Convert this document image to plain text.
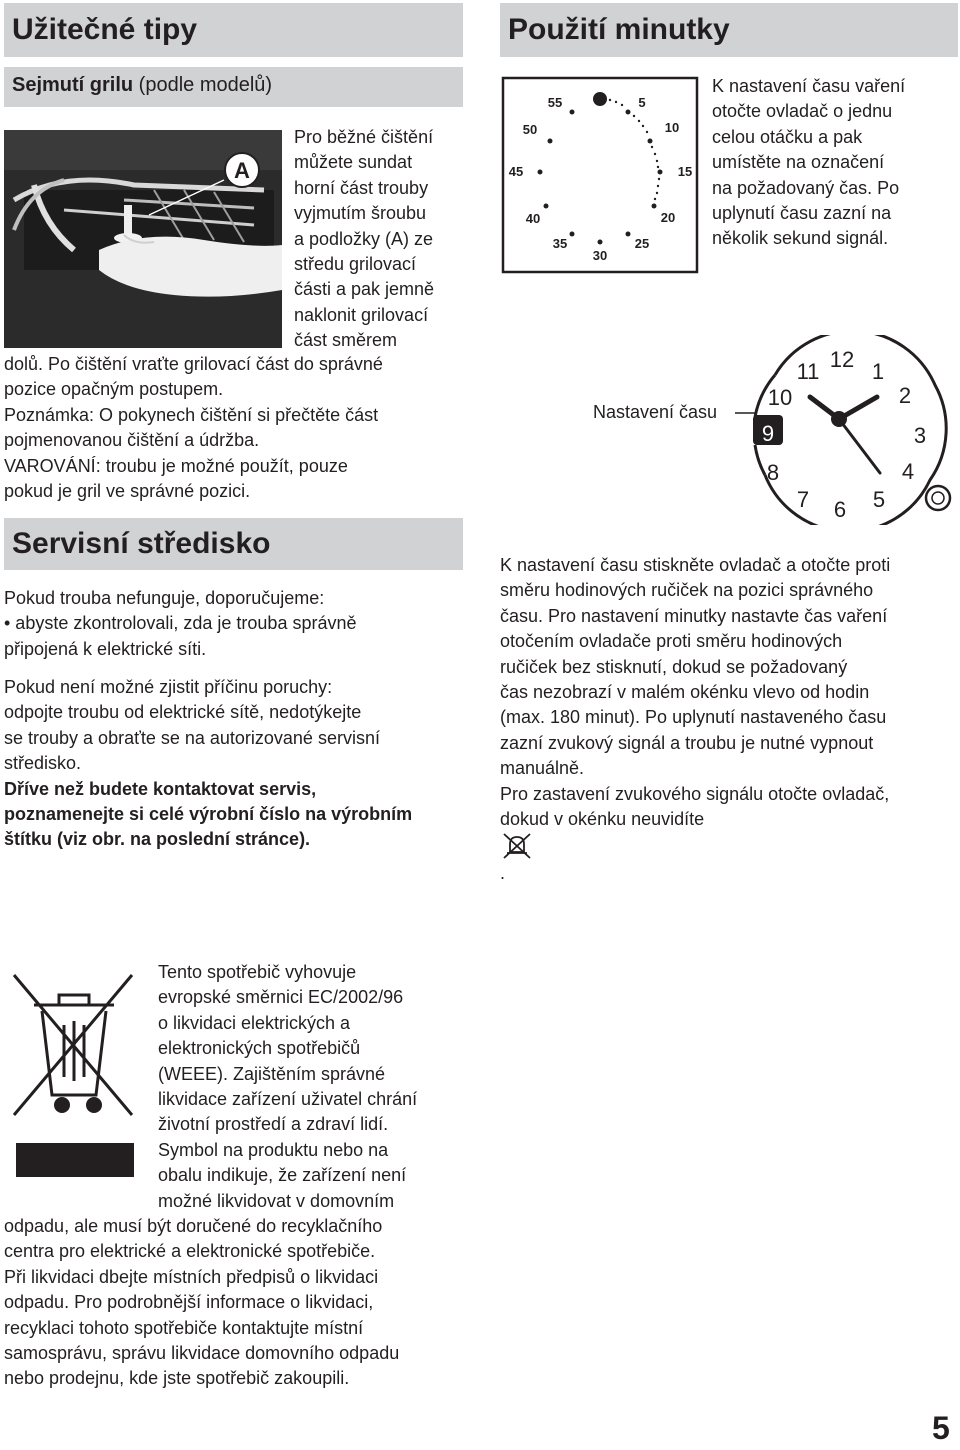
Užitečné tipy
Sejmutí grilu (podle modelů)
A
Pro běžné čištění
můžete sundat
horní část trouby
vyjmutím šroubu
a podložky (A) ze
středu grilovací
části a pak jemně
naklonit grilovací
část směrem
dolů. Po čištění vraťte grilovací část do správné
pozice opačným postupem.
Poznámka: O pokynech čištění si přečtěte část
pojmenovanou čištění a údržba.
VAROVÁNÍ: troubu je možné použít, pouze
pokud je gril ve správné pozici.
Servisní středisko
Pokud trouba nefunguje, doporučujeme:
• abyste zkontrolovali, zda je trouba správně
připojená k elektrické síti.
Pokud není možné zjistit příčinu poruchy:
odpojte troubu od elektrické sítě, nedotýkejte
se trouby a obraťte se na autorizované servisní
středisko.
Dříve než budete kontaktovat servis,
poznamenejte si celé výrobní číslo na výrobním
štítku (viz obr. na poslední stránce).
Použití minutky
55	5
50	10
45	15
40	20
35	25
30
K nastavení času vaření
otočte ovladač o jednu
celou otáčku a pak
umístěte na označení
na požadovaný čas. Po
uplynutí času zazní na
několik sekund signál.
Nastavení času
11 12 1
10	2
9	3
8	4
7 6 5
K nastavení času stiskněte ovladač a otočte proti
směru hodinových ručiček na pozici správného
času. Pro nastavení minutky nastavte čas vaření
otočením ovladače proti směru hodinových
ručiček bez stisknutí, dokud se požadovaný
čas nezobrazí v malém okénku vlevo od hodin
(max. 180 minut). Po uplynutí nastaveného času
zazní zvukový signál a troubu je nutné vypnout
manuálně.
Pro zastavení zvukového signálu otočte ovladač,
dokud v okénku neuvidíte
.
Tento spotřebič vyhovuje
evropské směrnici EC/2002/96
o likvidaci elektrických a
elektronických spotřebičů
(WEEE). Zajištěním správné
likvidace zařízení uživatel chrání
životní prostředí a zdraví lidí.
Symbol na produktu nebo na
obalu indikuje, že zařízení není
možné likvidovat v domovním
odpadu, ale musí být doručené do recyklačního
centra pro elektrické a elektronické spotřebiče.
Při likvidaci dbejte místních předpisů o likvidaci
odpadu. Pro podrobnější informace o likvidaci,
recyklaci tohoto spotřebiče kontaktujte místní
samosprávu, správu likvidace domovního odpadu
nebo prodejnu, kde jste spotřebič zakoupili.
5
